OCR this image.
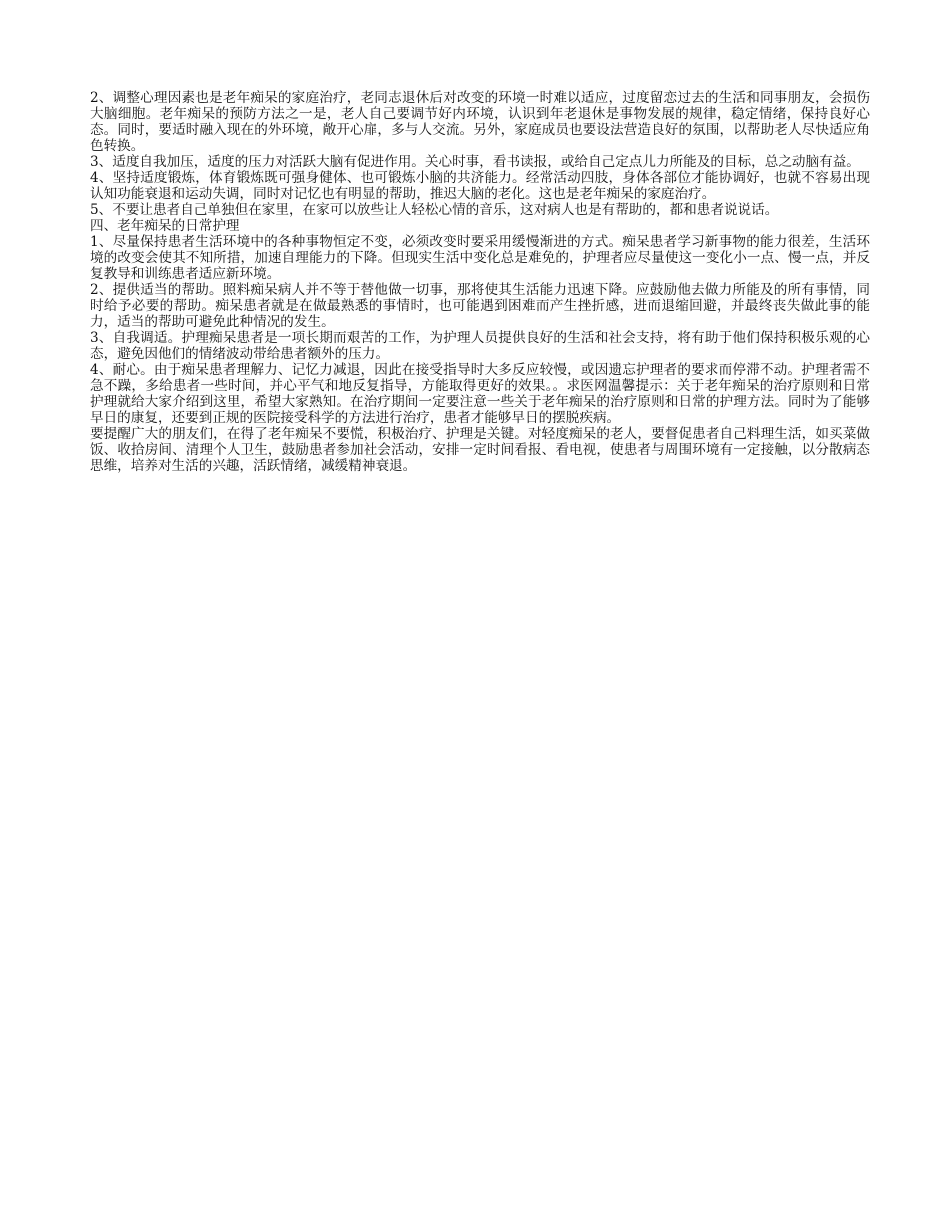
2、调整心理因素也是老年痴呆的家庭治疗，老同志退休后对改变的环境一时难以适应，过度留恋过去的生活和同事朋友，会损伤大脑细胞。老年痴呆的预防方法之一是，老人自己要调节好内环境，认识到年老退休是事物发展的规律，稳定情绪，保持良好心态。同时，要适时融入现在的外环境，敞开心扉，多与人交流。另外，家庭成员也要设法营造良好的氛围，以帮助老人尽快适应角色转换。

3、适度自我加压，适度的压力对活跃大脑有促进作用。关心时事，看书读报，或给自己定点儿力所能及的目标，总之动脑有益。

4、坚持适度锻炼，体育锻炼既可强身健体、也可锻炼小脑的共济能力。经常活动四肢，身体各部位才能协调好，也就不容易出现认知功能衰退和运动失调，同时对记忆也有明显的帮助，推迟大脑的老化。这也是老年痴呆的家庭治疗。

5、不要让患者自己单独但在家里，在家可以放些让人轻松心情的音乐，这对病人也是有帮助的，都和患者说说话。

四、老年痴呆的日常护理

1、尽量保持患者生活环境中的各种事物恒定不变，必须改变时要采用缓慢渐进的方式。痴呆患者学习新事物的能力很差，生活环境的改变会使其不知所措，加速自理能力的下降。但现实生活中变化总是难免的，护理者应尽量使这一变化小一点、慢一点，并反复教导和训练患者适应新环境。

2、提供适当的帮助。照料痴呆病人并不等于替他做一切事，那将使其生活能力迅速下降。应鼓励他去做力所能及的所有事情，同时给予必要的帮助。痴呆患者就是在做最熟悉的事情时，也可能遇到困难而产生挫折感，进而退缩回避，并最终丧失做此事的能力，适当的帮助可避免此种情况的发生。

3、自我调适。护理痴呆患者是一项长期而艰苦的工作，为护理人员提供良好的生活和社会支持，将有助于他们保持积极乐观的心态，避免因他们的情绪波动带给患者额外的压力。

4、耐心。由于痴呆患者理解力、记忆力减退，因此在接受指导时大多反应较慢，或因遗忘护理者的要求而停滞不动。护理者需不急不躁，多给患者一些时间，并心平气和地反复指导，方能取得更好的效果。。求医网温馨提示：关于老年痴呆的治疗原则和日常护理就给大家介绍到这里，希望大家熟知。在治疗期间一定要注意一些关于老年痴呆的治疗原则和日常的护理方法。同时为了能够早日的康复，还要到正规的医院接受科学的方法进行治疗，患者才能够早日的摆脱疾病。

要提醒广大的朋友们，在得了老年痴呆不要慌，积极治疗、护理是关键。对轻度痴呆的老人，要督促患者自己料理生活，如买菜做饭、收拾房间、清理个人卫生，鼓励患者参加社会活动，安排一定时间看报、看电视，使患者与周围环境有一定接触，以分散病态思维，培养对生活的兴趣，活跃情绪，减缓精神衰退。
